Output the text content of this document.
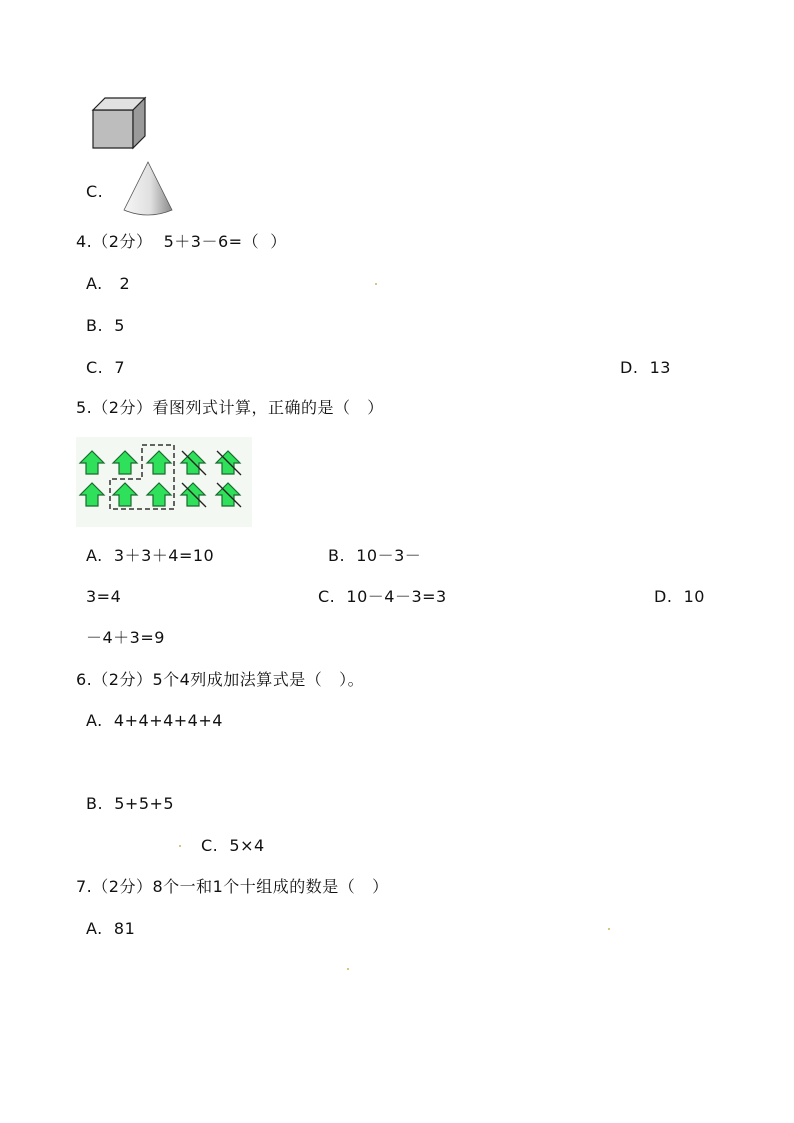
C.
4.（2分）  5＋3－6=（  ）
A.   2
B.  5
C.  7	D.  13
5.（2分）看图列式计算，正确的是（   ）
A.  3＋3＋4=10	B.  10－3－
3=4	C.  10－4－3=3	D.  10
－4＋3=9
6.（2分）5个4列成加法算式是（   ）。
A.  4+4+4+4+4
B.  5+5+5
C.  5×4
7.（2分）8个一和1个十组成的数是（   ）
A.  81
